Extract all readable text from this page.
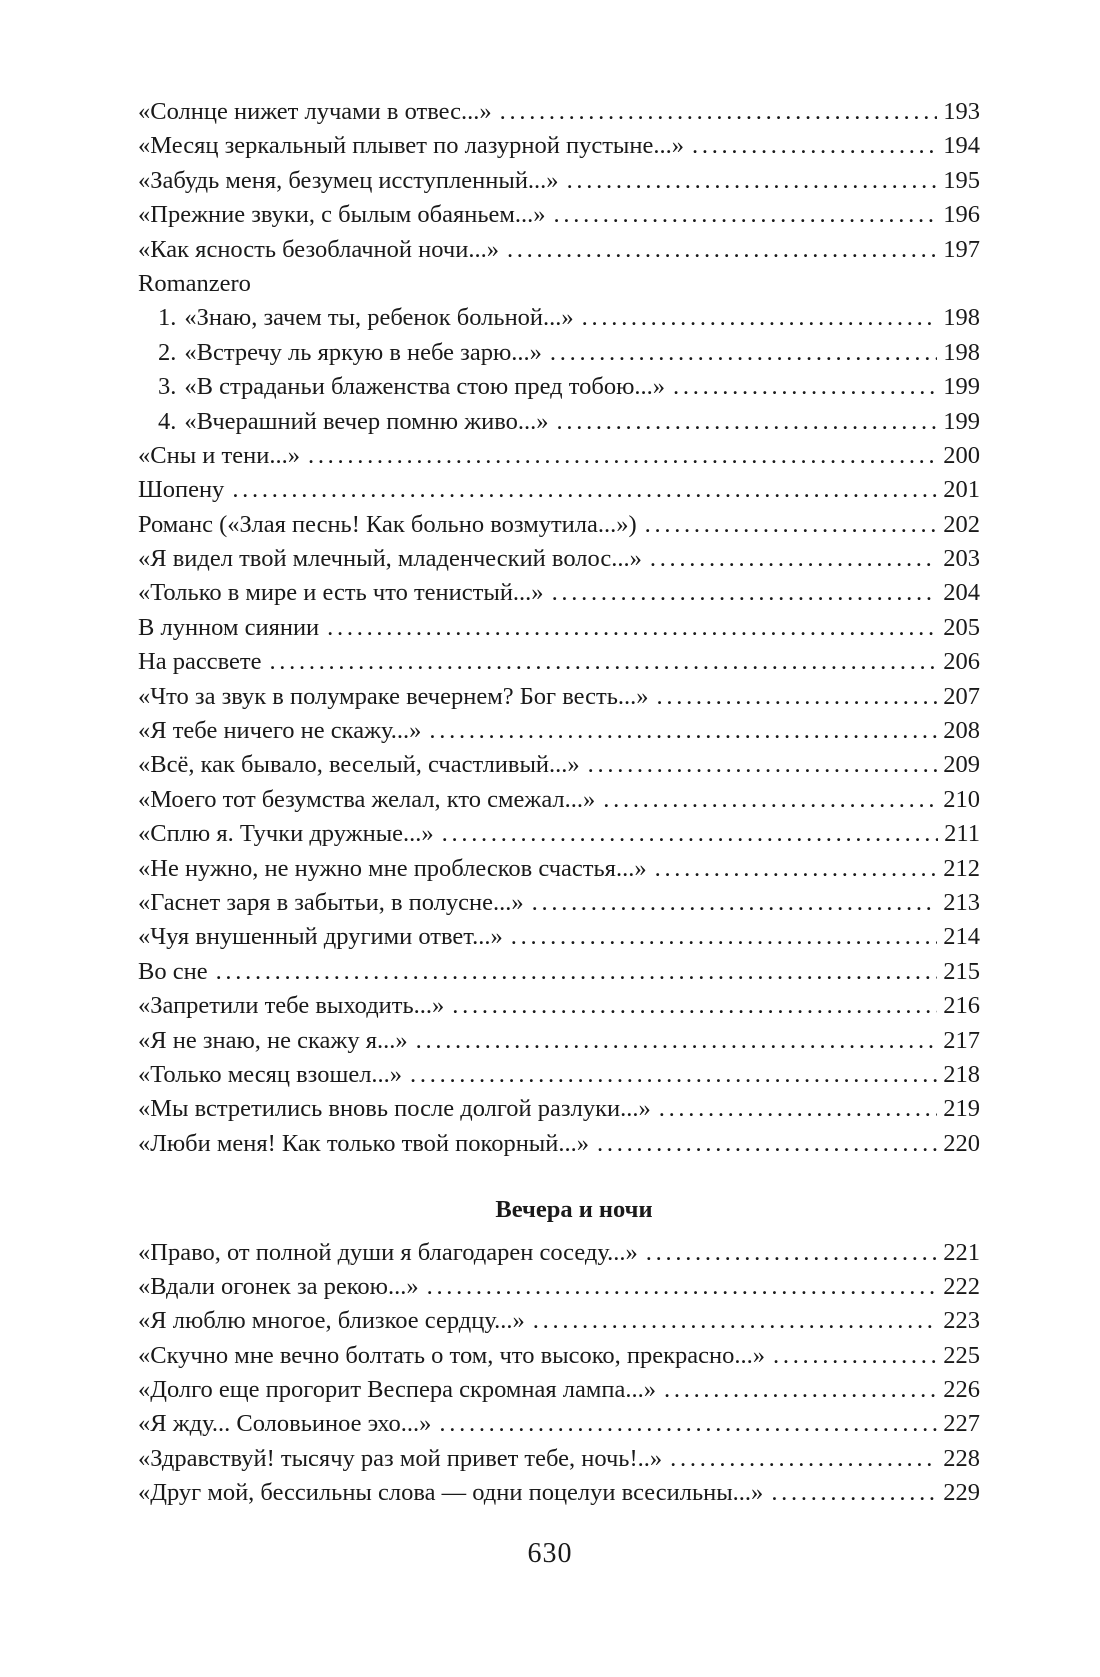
«Солнце нижет лучами в отвес...» . . .	193
«Месяц зеркальный плывет по лазурной пустыне...» . . .	194
«Забудь меня, безумец исступленный...» . . .	195
«Прежние звуки, с былым обаяньем...» . . .	196
«Как ясность безоблачной ночи...» . . .	197
Romanzero
1. «Знаю, зачем ты, ребенок больной...» . . .	198
2. «Встречу ль яркую в небе зарю...» . . .	198
3. «В страданьи блаженства стою пред тобою...» . . .	199
4. «Вчерашний вечер помню живо...» . . .	199
«Сны и тени...» . . .	200
Шопену . . .	201
Романс («Злая песнь! Как больно возмутила...») . . .	202
«Я видел твой млечный, младенческий волос...» . . .	203
«Только в мире и есть что тенистый...» . . .	204
В лунном сиянии . . .	205
На рассвете . . .	206
«Что за звук в полумраке вечернем? Бог весть...» . . .	207
«Я тебе ничего не скажу...» . . .	208
«Всё, как бывало, веселый, счастливый...» . . .	209
«Моего тот безумства желал, кто смежал...» . . .	210
«Сплю я. Тучки дружные...» . . .	211
«Не нужно, не нужно мне проблесков счастья...» . . .	212
«Гаснет заря в забытьи, в полусне...» . . .	213
«Чуя внушенный другими ответ...» . . .	214
Во сне . . .	215
«Запретили тебе выходить...» . . .	216
«Я не знаю, не скажу я...» . . .	217
«Только месяц взошел...» . . .	218
«Мы встретились вновь после долгой разлуки...» . . .	219
«Люби меня! Как только твой покорный...» . . .	220
Вечера и ночи
«Право, от полной души я благодарен соседу...» . . .	221
«Вдали огонек за рекою...» . . .	222
«Я люблю многое, близкое сердцу...» . . .	223
«Скучно мне вечно болтать о том, что высоко, прекрасно...» . . .	225
«Долго еще прогорит Веспера скромная лампа...» . . .	226
«Я жду... Соловьиное эхо...» . . .	227
«Здравствуй! тысячу раз мой привет тебе, ночь!..» . . .	228
«Друг мой, бессильны слова — одни поцелуи всесильны...» . . .	229
630
